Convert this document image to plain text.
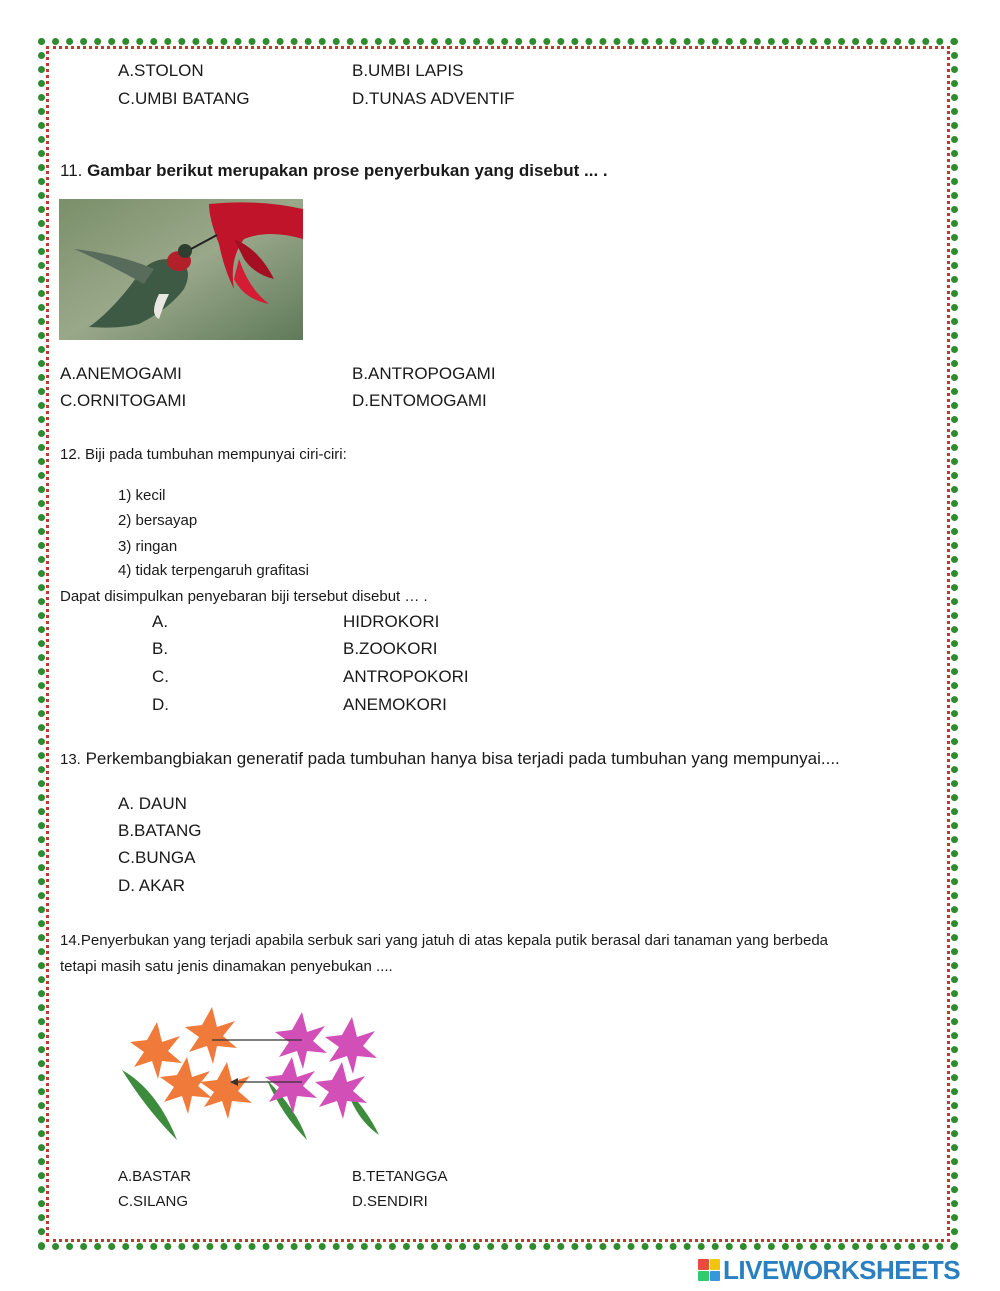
A.STOLON	B.UMBI LAPIS
C.UMBI BATANG	D.TUNAS ADVENTIF
11. Gambar berikut merupakan prose penyerbukan yang disebut ... .
A.ANEMOGAMI	B.ANTROPOGAMI
C.ORNITOGAMI	D.ENTOMOGAMI
12. Biji pada tumbuhan mempunyai ciri-ciri:
1) kecil
2) bersayap
3) ringan
4) tidak terpengaruh grafitasi
Dapat disimpulkan penyebaran biji tersebut disebut … .
A.	HIDROKORI
B.	B.ZOOKORI
C.	ANTROPOKORI
D.	ANEMOKORI
13. Perkembangbiakan generatif pada tumbuhan hanya bisa terjadi pada tumbuhan yang mempunyai....
A. DAUN
B.BATANG
C.BUNGA
D. AKAR
14.Penyerbukan yang terjadi apabila serbuk sari yang jatuh di atas kepala putik berasal dari tanaman yang berbeda
tetapi masih satu jenis dinamakan penyebukan ....
A.BASTAR	B.TETANGGA
C.SILANG	D.SENDIRI
LIVEWORKSHEETS
